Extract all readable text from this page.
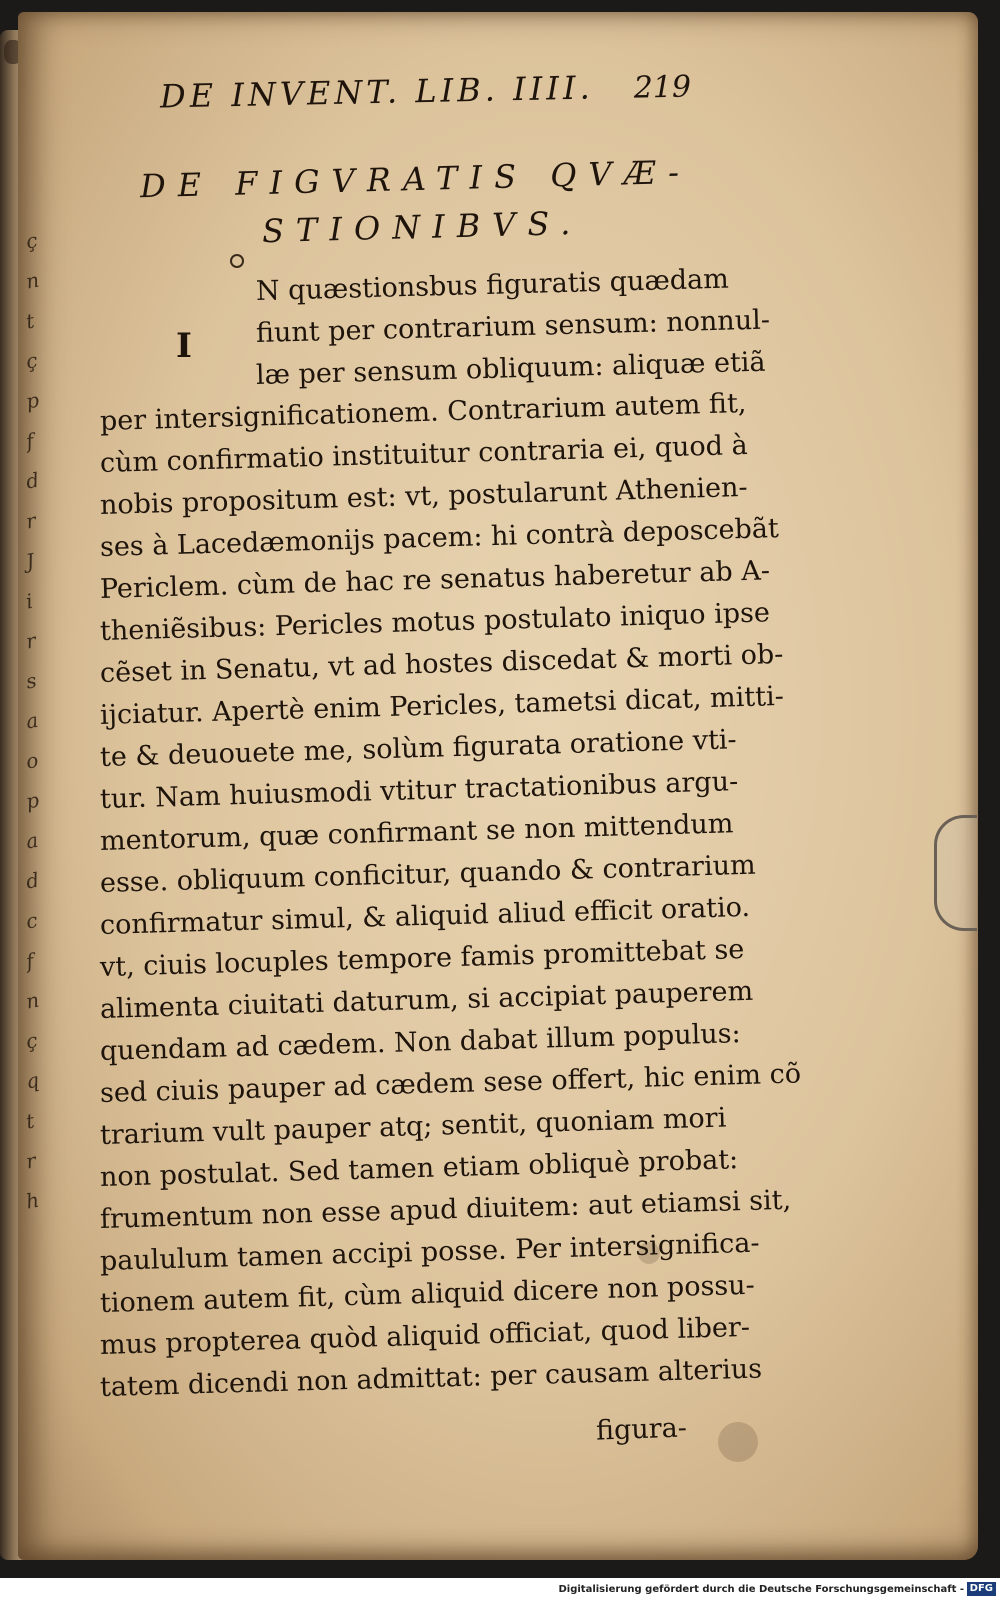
ç
n
t
ç
p
f
d
r
J
i
r
s
a
o
p
a
d
c
f
n
ç
q
t
r
h
DE INVENT. LIB. IIII. 219
DE FIGVRATIS QVÆ-
STIONIBVS.
I
N quæstionsbus figuratis quædam
fiunt per contrarium sensum: nonnul-
læ per sensum obliquum: aliquæ etiã
per intersignificationem. Contrarium autem fit,
cùm confirmatio instituitur contraria ei, quod à
nobis propositum est: vt, postularunt Athenien-
ses à Lacedæmonijs pacem: hi contrà deposcebãt
Periclem. cùm de hac re senatus haberetur ab A-
theniẽsibus: Pericles motus postulato iniquo ipse
cẽset in Senatu, vt ad hostes discedat & morti ob-
ijciatur. Apertè enim Pericles, tametsi dicat, mitti-
te & deuouete me, solùm figurata oratione vti-
tur. Nam huiusmodi vtitur tractationibus argu-
mentorum, quæ confirmant se non mittendum
esse. obliquum conficitur, quando & contrarium
confirmatur simul, & aliquid aliud efficit oratio.
vt, ciuis locuples tempore famis promittebat se
alimenta ciuitati daturum, si accipiat pauperem
quendam ad cædem. Non dabat illum populus:
sed ciuis pauper ad cædem sese offert, hic enim cõ
trarium vult pauper atq; sentit, quoniam mori
non postulat. Sed tamen etiam obliquè probat:
frumentum non esse apud diuitem: aut etiamsi sit,
paululum tamen accipi posse. Per intersignifica-
tionem autem fit, cùm aliquid dicere non possu-
mus propterea quòd aliquid officiat, quod liber-
tatem dicendi non admittat: per causam alterius
figura-
Digitalisierung gefördert durch die Deutsche Forschungsgemeinschaft - DFG
